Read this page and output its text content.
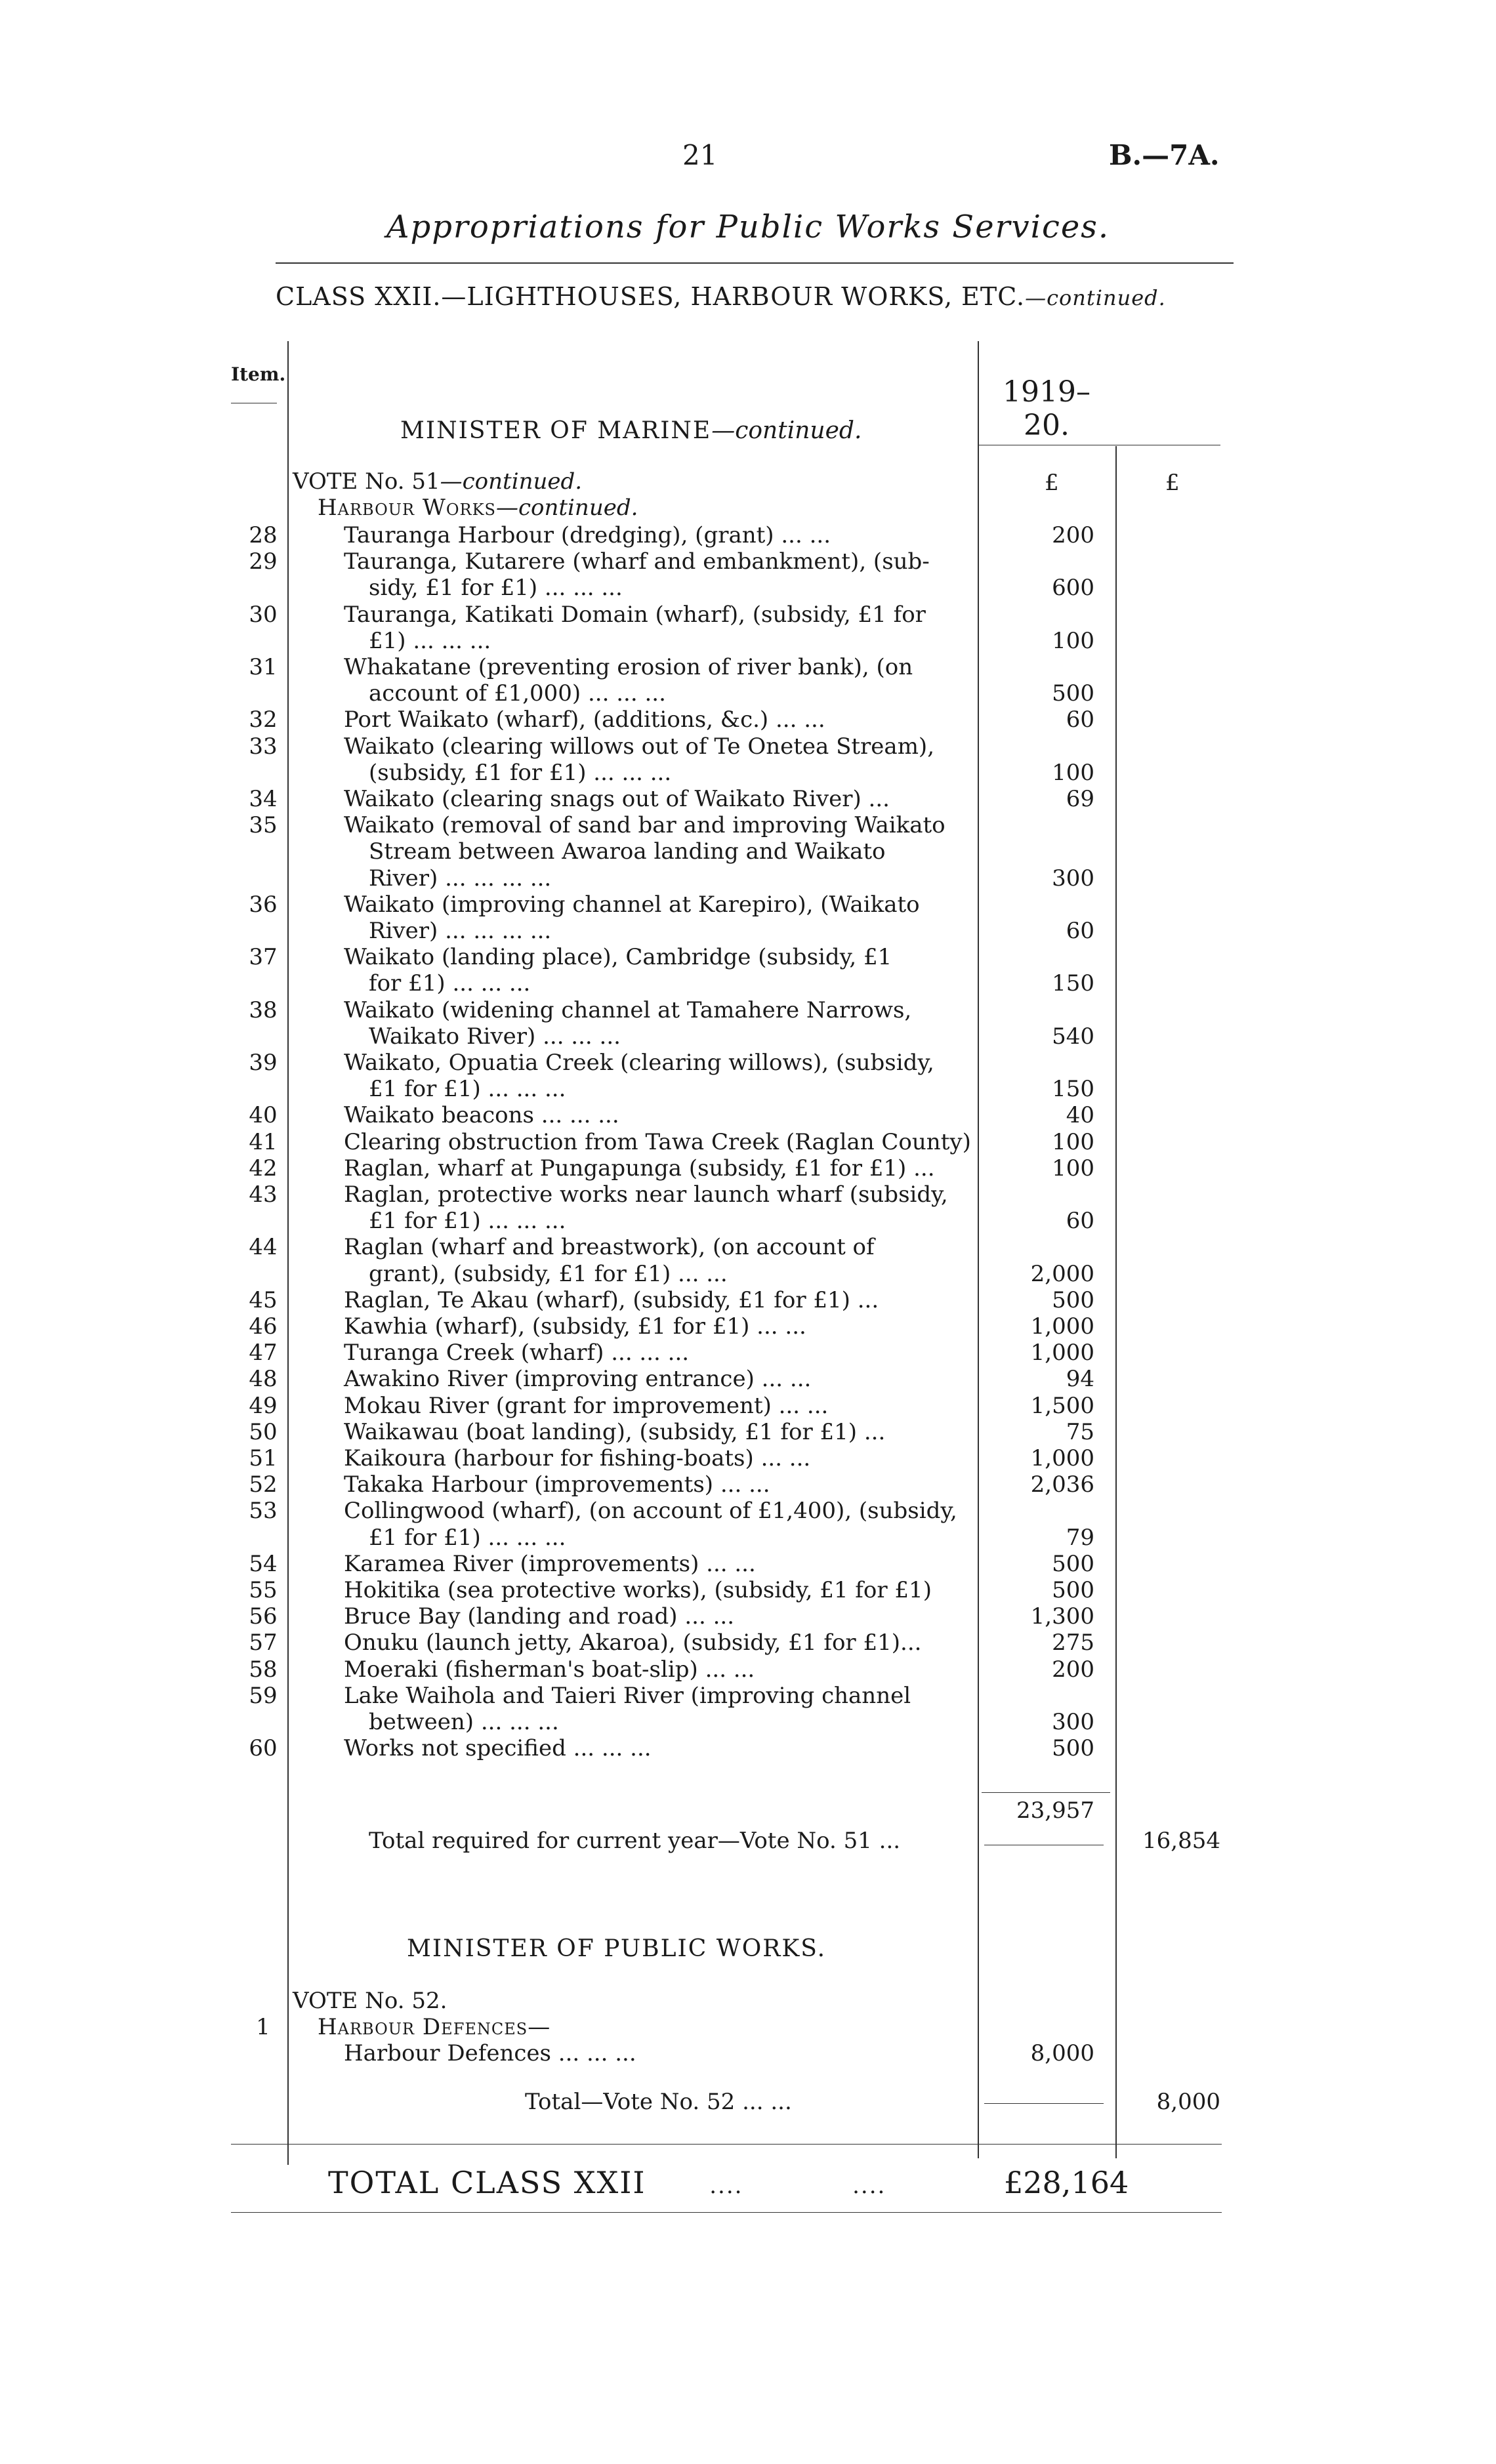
21	B.—7A.
Appropriations for Public Works Services.
CLASS XXII.—LIGHTHOUSES, HARBOUR WORKS, ETC.—continued.
Item.
1919–20.
MINISTER OF MARINE—continued.
£	£
VOTE No. 51—continued.
Harbour Works—continued.
28	Tauranga Harbour (dredging), (grant) ... ...	200
29	Tauranga, Kutarere (wharf and embankment), (sub-
sidy, £1 for £1) ... ... ...	600
30	Tauranga, Katikati Domain (wharf), (subsidy, £1 for
£1) ... ... ...	100
31	Whakatane (preventing erosion of river bank), (on
account of £1,000) ... ... ...	500
32	Port Waikato (wharf), (additions, &c.) ... ...	60
33	Waikato (clearing willows out of Te Onetea Stream),
(subsidy, £1 for £1) ... ... ...	100
34	Waikato (clearing snags out of Waikato River) ...	69
35	Waikato (removal of sand bar and improving Waikato
Stream between Awaroa landing and Waikato
River) ... ... ... ...	300
36	Waikato (improving channel at Karepiro), (Waikato
River) ... ... ... ...	60
37	Waikato (landing place), Cambridge (subsidy, £1
for £1) ... ... ...	150
38	Waikato (widening channel at Tamahere Narrows,
Waikato River) ... ... ...	540
39	Waikato, Opuatia Creek (clearing willows), (subsidy,
£1 for £1) ... ... ...	150
40	Waikato beacons ... ... ...	40
41	Clearing obstruction from Tawa Creek (Raglan County)	100
42	Raglan, wharf at Pungapunga (subsidy, £1 for £1) ...	100
43	Raglan, protective works near launch wharf (subsidy,
£1 for £1) ... ... ...	60
44	Raglan (wharf and breastwork), (on account of
grant), (subsidy, £1 for £1) ... ...	2,000
45	Raglan, Te Akau (wharf), (subsidy, £1 for £1) ...	500
46	Kawhia (wharf), (subsidy, £1 for £1) ... ...	1,000
47	Turanga Creek (wharf) ... ... ...	1,000
48	Awakino River (improving entrance) ... ...	94
49	Mokau River (grant for improvement) ... ...	1,500
50	Waikawau (boat landing), (subsidy, £1 for £1) ...	75
51	Kaikoura (harbour for fishing-boats) ... ...	1,000
52	Takaka Harbour (improvements) ... ...	2,036
53	Collingwood (wharf), (on account of £1,400), (subsidy,
£1 for £1) ... ... ...	79
54	Karamea River (improvements) ... ...	500
55	Hokitika (sea protective works), (subsidy, £1 for £1)	500
56	Bruce Bay (landing and road) ... ...	1,300
57	Onuku (launch jetty, Akaroa), (subsidy, £1 for £1)...	275
58	Moeraki (fisherman's boat-slip) ... ...	200
59	Lake Waihola and Taieri River (improving channel
between) ... ... ...	300
60	Works not specified ... ... ...	500
23,957
Total required for current year—Vote No. 51 ...	16,854
MINISTER OF PUBLIC WORKS.
VOTE No. 52.
1	Harbour Defences—
Harbour Defences ... ... ...	8,000
Total—Vote No. 52 ... ...	8,000
TOTAL CLASS XXII	....	....	£28,164
